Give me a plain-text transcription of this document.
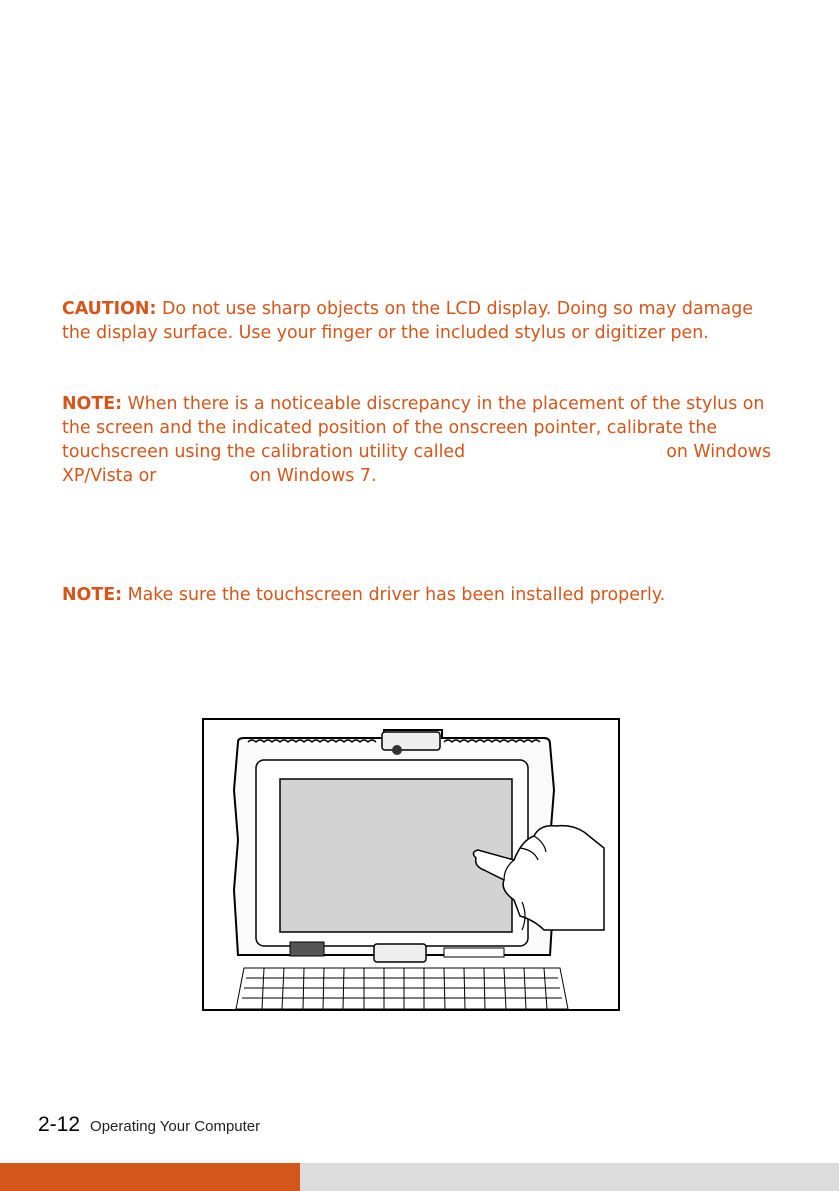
CAUTION: Do not use sharp objects on the LCD display. Doing so may damage the display surface. Use your finger or the included stylus or digitizer pen.
NOTE: When there is a noticeable discrepancy in the placement of the stylus on the screen and the indicated position of the onscreen pointer, calibrate the touchscreen using the calibration utility called	on Windows XP/Vista or	on Windows 7.
NOTE: Make sure the touchscreen driver has been installed properly.
2-12 Operating Your Computer
